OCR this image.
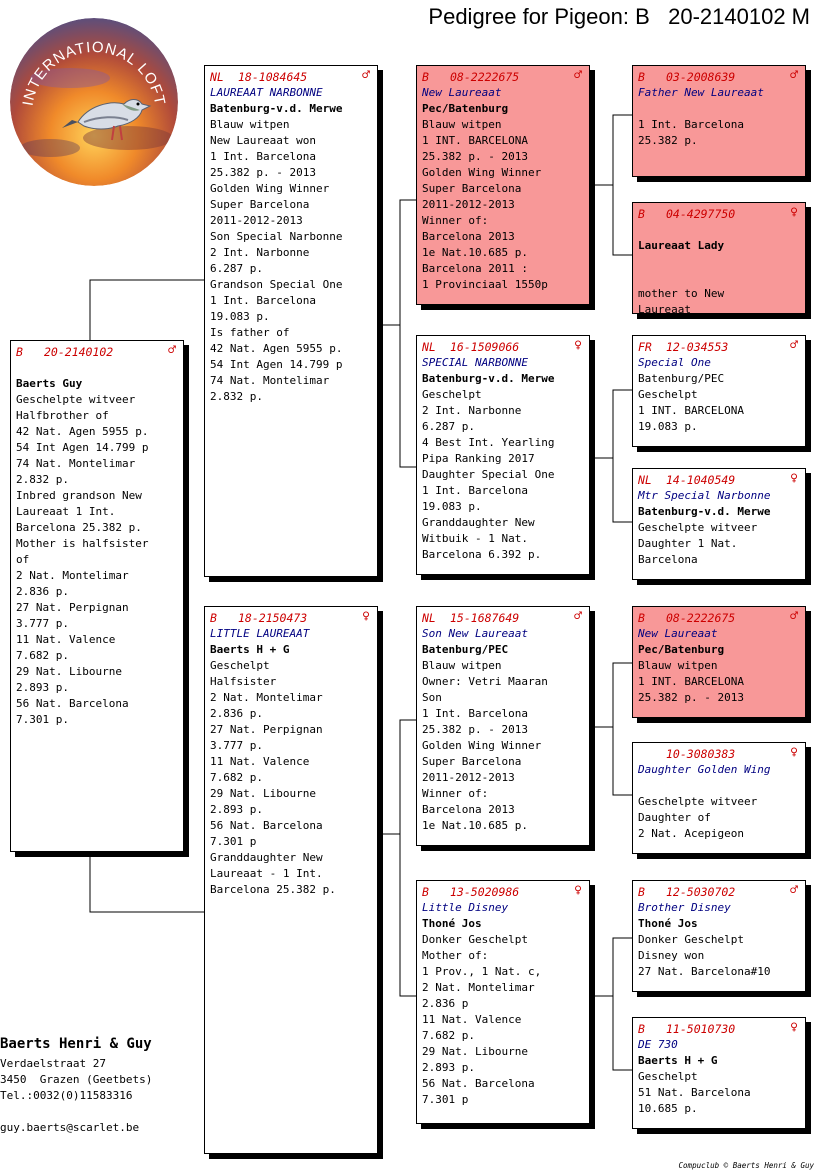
Pedigree for Pigeon: B   20-2140102 M
INTERNATIONAL LOFT
B 20-2140102	♂
Baerts Guy
Geschelpte witveer
Halfbrother of
42 Nat. Agen 5955 p.
54 Int Agen 14.799 p
74 Nat. Montelimar
2.832 p.
Inbred grandson New
Laureaat 1 Int.
Barcelona 25.382 p.
Mother is halfsister
of
2 Nat. Montelimar
2.836 p.
27 Nat. Perpignan
3.777 p.
11 Nat. Valence
7.682 p.
29 Nat. Libourne
2.893 p.
56 Nat. Barcelona
7.301 p.
NL 18-1084645	♂
LAUREAAT NARBONNE
Batenburg-v.d. Merwe
Blauw witpen
New Laureaat won
1 Int. Barcelona
25.382 p. - 2013
Golden Wing Winner
Super Barcelona
2011-2012-2013
Son Special Narbonne
2 Int. Narbonne
6.287 p.
Grandson Special One
1 Int. Barcelona
19.083 p.
Is father of
42 Nat. Agen 5955 p.
54 Int Agen 14.799 p
74 Nat. Montelimar
2.832 p.
B 18-2150473	♀
LITTLE LAUREAAT
Baerts H + G
Geschelpt
Halfsister
2 Nat. Montelimar
2.836 p.
27 Nat. Perpignan
3.777 p.
11 Nat. Valence
7.682 p.
29 Nat. Libourne
2.893 p.
56 Nat. Barcelona
7.301 p
Granddaughter New
Laureaat - 1 Int.
Barcelona 25.382 p.
B 08-2222675	♂
New Laureaat
Pec/Batenburg
Blauw witpen
1 INT. BARCELONA
25.382 p. - 2013
Golden Wing Winner
Super Barcelona
2011-2012-2013
Winner of:
Barcelona 2013
1e Nat.10.685 p.
Barcelona 2011 :
1 Provinciaal 1550p
NL 16-1509066	♀
SPECIAL NARBONNE
Batenburg-v.d. Merwe
Geschelpt
2 Int. Narbonne
6.287 p.
4 Best Int. Yearling
Pipa Ranking 2017
Daughter Special One
1 Int. Barcelona
19.083 p.
Granddaughter New
Witbuik - 1 Nat.
Barcelona 6.392 p.
NL 15-1687649	♂
Son New Laureaat
Batenburg/PEC
Blauw witpen
Owner: Vetri Maaran
Son
1 Int. Barcelona
25.382 p. - 2013
Golden Wing Winner
Super Barcelona
2011-2012-2013
Winner of:
Barcelona 2013
1e Nat.10.685 p.
B 13-5020986	♀
Little Disney
Thoné Jos
Donker Geschelpt
Mother of:
1 Prov., 1 Nat. c,
2 Nat. Montelimar
2.836 p
11 Nat. Valence
7.682 p.
29 Nat. Libourne
2.893 p.
56 Nat. Barcelona
7.301 p
B 03-2008639	♂
Father New Laureaat
1 Int. Barcelona
25.382 p.
B 04-4297750	♀
Laureaat Lady
mother to New
Laureaat
FR 12-034553	♂
Special One
Batenburg/PEC
Geschelpt
1 INT. BARCELONA
19.083 p.
NL 14-1040549	♀
Mtr Special Narbonne
Batenburg-v.d. Merwe
Geschelpte witveer
Daughter 1 Nat.
Barcelona
B 08-2222675	♂
New Laureaat
Pec/Batenburg
Blauw witpen
1 INT. BARCELONA
25.382 p. - 2013
10-3080383	♀
Daughter Golden Wing
Geschelpte witveer
Daughter of
2 Nat. Acepigeon
B 12-5030702	♂
Brother Disney
Thoné Jos
Donker Geschelpt
Disney won
27 Nat. Barcelona#10
B 11-5010730	♀
DE 730
Baerts H + G
Geschelpt
51 Nat. Barcelona
10.685 p.
Baerts Henri & Guy
Verdaelstraat 27
3450  Grazen (Geetbets)
Tel.:0032(0)11583316
guy.baerts@scarlet.be
Compuclub © Baerts Henri & Guy
